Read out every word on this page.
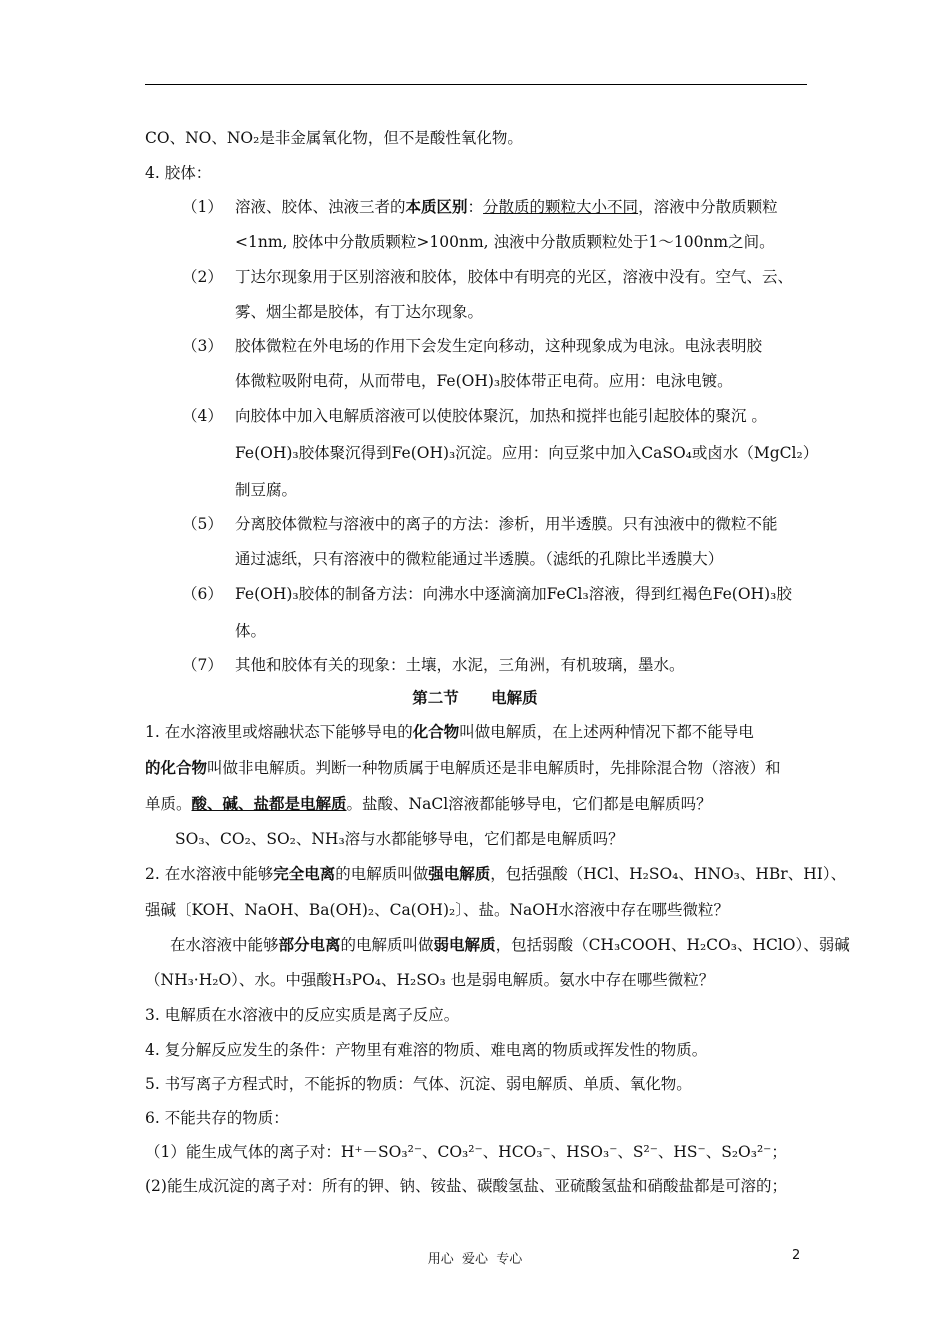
CO、NO、NO₂是非金属氧化物，但不是酸性氧化物。
4. 胶体：
（1） 溶液、胶体、浊液三者的本质区别：分散质的颗粒大小不同，溶液中分散质颗粒
<1nm, 胶体中分散质颗粒>100nm, 浊液中分散质颗粒处于1～100nm之间。
（2） 丁达尔现象用于区别溶液和胶体，胶体中有明亮的光区，溶液中没有。空气、云、
雾、烟尘都是胶体，有丁达尔现象。
（3） 胶体微粒在外电场的作用下会发生定向移动，这种现象成为电泳。电泳表明胶
体微粒吸附电荷，从而带电，Fe(OH)₃胶体带正电荷。应用：电泳电镀。
（4） 向胶体中加入电解质溶液可以使胶体聚沉，加热和搅拌也能引起胶体的聚沉 。
Fe(OH)₃胶体聚沉得到Fe(OH)₃沉淀。应用：向豆浆中加入CaSO₄或卤水（MgCl₂）
制豆腐。
（5） 分离胶体微粒与溶液中的离子的方法：渗析，用半透膜。只有浊液中的微粒不能
通过滤纸，只有溶液中的微粒能通过半透膜。（滤纸的孔隙比半透膜大）
（6） Fe(OH)₃胶体的制备方法：向沸水中逐滴滴加FeCl₃溶液，得到红褐色Fe(OH)₃胶
体。
（7） 其他和胶体有关的现象：土壤，水泥，三角洲，有机玻璃，墨水。
第二节      电解质
1. 在水溶液里或熔融状态下能够导电的化合物叫做电解质，在上述两种情况下都不能导电
的化合物叫做非电解质。判断一种物质属于电解质还是非电解质时，先排除混合物（溶液）和
单质。酸、碱、盐都是电解质。盐酸、NaCl溶液都能够导电，它们都是电解质吗？
SO₃、CO₂、SO₂、NH₃溶与水都能够导电，它们都是电解质吗？
2. 在水溶液中能够完全电离的电解质叫做强电解质，包括强酸（HCl、H₂SO₄、HNO₃、HBr、HI）、
强碱〔KOH、NaOH、Ba(OH)₂、Ca(OH)₂〕、盐。NaOH水溶液中存在哪些微粒？
在水溶液中能够部分电离的电解质叫做弱电解质，包括弱酸（CH₃COOH、H₂CO₃、HClO）、弱碱
（NH₃·H₂O）、水。中强酸H₃PO₄、H₂SO₃ 也是弱电解质。氨水中存在哪些微粒？
3. 电解质在水溶液中的反应实质是离子反应。
4. 复分解反应发生的条件：产物里有难溶的物质、难电离的物质或挥发性的物质。
5. 书写离子方程式时，不能拆的物质：气体、沉淀、弱电解质、单质、氧化物。
6. 不能共存的物质：
（1）能生成气体的离子对：H⁺－SO₃²⁻、CO₃²⁻、HCO₃⁻、HSO₃⁻、S²⁻、HS⁻、S₂O₃²⁻；
(2)能生成沉淀的离子对：所有的钾、钠、铵盐、碳酸氢盐、亚硫酸氢盐和硝酸盐都是可溶的；
用心  爱心  专心	2
